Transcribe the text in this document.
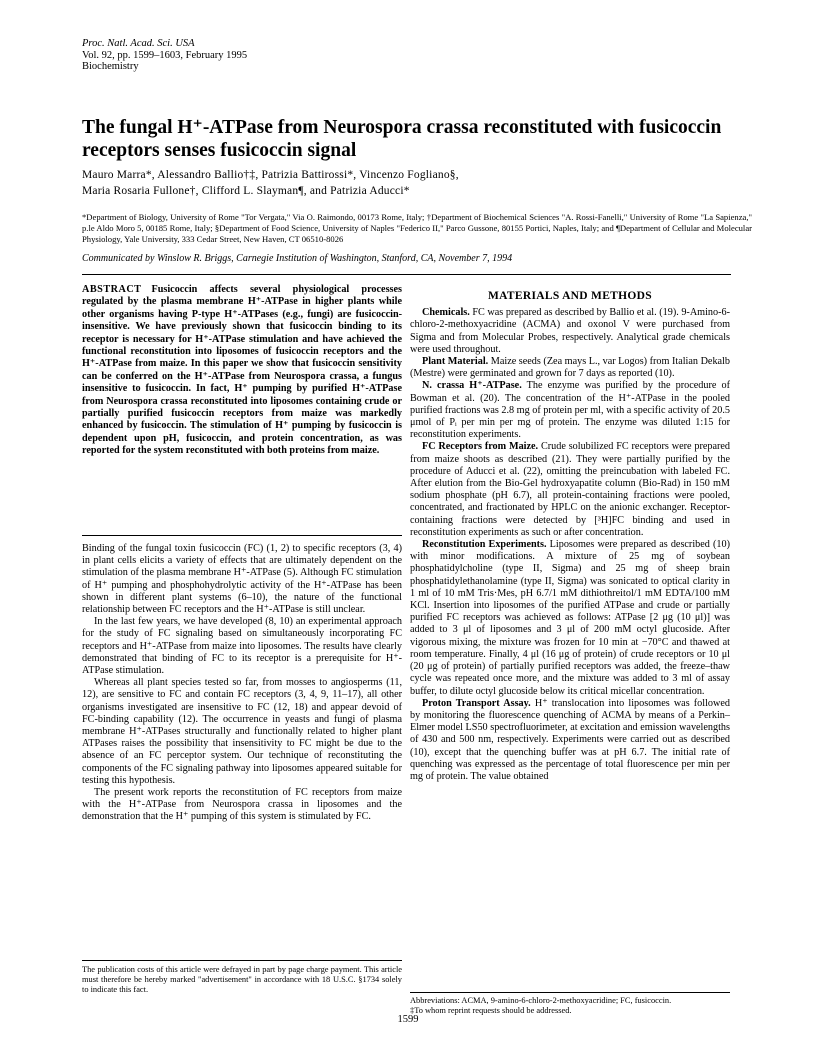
Proc. Natl. Acad. Sci. USA
Vol. 92, pp. 1599–1603, February 1995
Biochemistry
The fungal H⁺-ATPase from Neurospora crassa reconstituted with fusicoccin receptors senses fusicoccin signal
Mauro Marra*, Alessandro Ballio†‡, Patrizia Battirossi*, Vincenzo Fogliano§,
Maria Rosaria Fullone†, Clifford L. Slayman¶, and Patrizia Aducci*
*Department of Biology, University of Rome "Tor Vergata," Via O. Raimondo, 00173 Rome, Italy; †Department of Biochemical Sciences "A. Rossi-Fanelli," University of Rome "La Sapienza," p.le Aldo Moro 5, 00185 Rome, Italy; §Department of Food Science, University of Naples "Federico II," Parco Gussone, 80155 Portici, Naples, Italy; and ¶Department of Cellular and Molecular Physiology, Yale University, 333 Cedar Street, New Haven, CT 06510-8026
Communicated by Winslow R. Briggs, Carnegie Institution of Washington, Stanford, CA, November 7, 1994
ABSTRACT Fusicoccin affects several physiological processes regulated by the plasma membrane H⁺-ATPase in higher plants while other organisms having P-type H⁺-ATPases (e.g., fungi) are fusicoccin-insensitive. We have previously shown that fusicoccin binding to its receptor is necessary for H⁺-ATPase stimulation and have achieved the functional reconstitution into liposomes of fusicoccin receptors and the H⁺-ATPase from maize. In this paper we show that fusicoccin sensitivity can be conferred on the H⁺-ATPase from Neurospora crassa, a fungus insensitive to fusicoccin. In fact, H⁺ pumping by purified H⁺-ATPase from Neurospora crassa reconstituted into liposomes containing crude or partially purified fusicoccin receptors from maize was markedly enhanced by fusicoccin. The stimulation of H⁺ pumping by fusicoccin is dependent upon pH, fusicoccin, and protein concentration, as was reported for the system reconstituted with both proteins from maize.

Binding of the fungal toxin fusicoccin (FC) (1, 2) to specific receptors (3, 4) in plant cells elicits a variety of effects that are ultimately dependent on the stimulation of the plasma membrane H⁺-ATPase (5). Although FC stimulation of H⁺ pumping and phosphohydrolytic activity of the H⁺-ATPase has been shown in different plant systems (6–10), the nature of the functional relationship between FC receptors and the H⁺-ATPase is still unclear.

In the last few years, we have developed (8, 10) an experimental approach for the study of FC signaling based on simultaneously incorporating FC receptors and H⁺-ATPase from maize into liposomes. The results have clearly demonstrated that binding of FC to its receptor is a prerequisite for H⁺-ATPase stimulation.

Whereas all plant species tested so far, from mosses to angiosperms (11, 12), are sensitive to FC and contain FC receptors (3, 4, 9, 11–17), all other organisms investigated are insensitive to FC (12, 18) and appear devoid of FC-binding capability (12). The occurrence in yeasts and fungi of plasma membrane H⁺-ATPases structurally and functionally related to higher plant ATPases raises the possibility that insensitivity to FC might be due to the absence of an FC perceptor system. Our technique of reconstituting the components of the FC signaling pathway into liposomes appeared suitable for testing this hypothesis.

The present work reports the reconstitution of FC receptors from maize with the H⁺-ATPase from Neurospora crassa in liposomes and the demonstration that the H⁺ pumping of this system is stimulated by FC.

The publication costs of this article were defrayed in part by page charge payment. This article must therefore be hereby marked "advertisement" in accordance with 18 U.S.C. §1734 solely to indicate this fact.
MATERIALS AND METHODS

Chemicals. FC was prepared as described by Ballio et al. (19). 9-Amino-6-chloro-2-methoxyacridine (ACMA) and oxonol V were purchased from Sigma and from Molecular Probes, respectively. Analytical grade chemicals were used throughout.

Plant Material. Maize seeds (Zea mays L., var Logos) from Italian Dekalb (Mestre) were germinated and grown for 7 days as reported (10).

N. crassa H⁺-ATPase. The enzyme was purified by the procedure of Bowman et al. (20). The concentration of the H⁺-ATPase in the pooled purified fractions was 2.8 mg of protein per ml, with a specific activity of 20.5 μmol of Pᵢ per min per mg of protein. The enzyme was diluted 1:15 for reconstitution experiments.

FC Receptors from Maize. Crude solubilized FC receptors were prepared from maize shoots as described (21). They were partially purified by the procedure of Aducci et al. (22), omitting the preincubation with labeled FC. After elution from the Bio-Gel hydroxyapatite column (Bio-Rad) in 150 mM sodium phosphate (pH 6.7), all protein-containing fractions were pooled, concentrated, and fractionated by HPLC on the anionic exchanger. Receptor-containing fractions were detected by [³H]FC binding and used in reconstitution experiments as such or after concentration.

Reconstitution Experiments. Liposomes were prepared as described (10) with minor modifications. A mixture of 25 mg of soybean phosphatidylcholine (type II, Sigma) and 25 mg of sheep brain phosphatidylethanolamine (type II, Sigma) was sonicated to optical clarity in 1 ml of 10 mM Tris·Mes, pH 6.7/1 mM dithiothreitol/1 mM EDTA/100 mM KCl. Insertion into liposomes of the purified ATPase and crude or partially purified FC receptors was achieved as follows: ATPase [2 μg (10 μl)] was added to 3 μl of liposomes and 3 μl of 200 mM octyl glucoside. After vigorous mixing, the mixture was frozen for 10 min at −70°C and thawed at room temperature. Finally, 4 μl (16 μg of protein) of crude receptors or 10 μl (20 μg of protein) of partially purified receptors was added, the freeze–thaw cycle was repeated once more, and the mixture was added to 3 ml of assay buffer, to dilute octyl glucoside below its critical micellar concentration.

Proton Transport Assay. H⁺ translocation into liposomes was followed by monitoring the fluorescence quenching of ACMA by means of a Perkin–Elmer model LS50 spectrofluorimeter, at excitation and emission wavelengths of 430 and 500 nm, respectively. Experiments were carried out as described (10), except that the quenching buffer was at pH 6.7. The initial rate of quenching was expressed as the percentage of total fluorescence per min per mg of protein. The value obtained

Abbreviations: ACMA, 9-amino-6-chloro-2-methoxyacridine; FC, fusicoccin.
‡To whom reprint requests should be addressed.
1599
